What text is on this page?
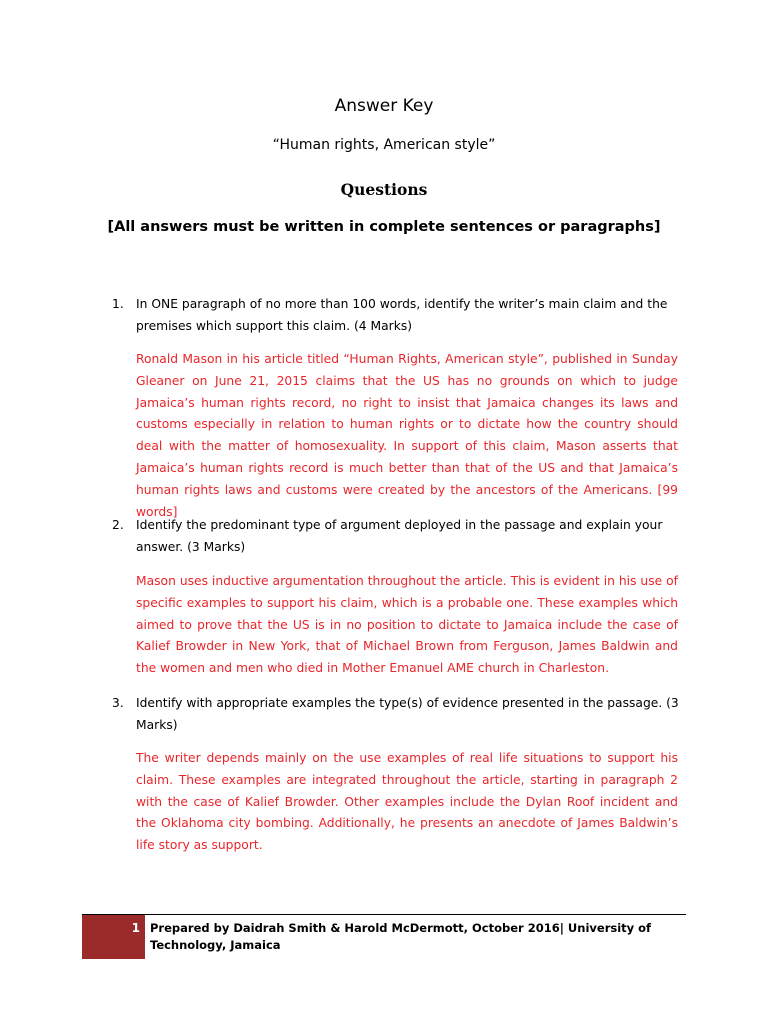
Answer Key
“Human rights, American style”
Questions
[All answers must be written in complete sentences or paragraphs]
1. In ONE paragraph of no more than 100 words, identify the writer’s main claim and the premises which support this claim. (4 Marks)
Ronald Mason in his article titled “Human Rights, American style”, published in Sunday Gleaner on June 21, 2015 claims that the US has no grounds on which to judge Jamaica’s human rights record, no right to insist that Jamaica changes its laws and customs especially in relation to human rights or to dictate how the country should deal with the matter of homosexuality. In support of this claim, Mason asserts that Jamaica’s human rights record is much better than that of the US and that Jamaica’s human rights laws and customs were created by the ancestors of the Americans. [99 words]
2. Identify the predominant type of argument deployed in the passage and explain your answer. (3 Marks)
Mason uses inductive argumentation throughout the article. This is evident in his use of specific examples to support his claim, which is a probable one. These examples which aimed to prove that the US is in no position to dictate to Jamaica include the case of Kalief Browder in New York, that of Michael Brown from Ferguson, James Baldwin and the women and men who died in Mother Emanuel AME church in Charleston.
3. Identify with appropriate examples the type(s) of evidence presented in the passage. (3 Marks)
The writer depends mainly on the use examples of real life situations to support his claim. These examples are integrated throughout the article, starting in paragraph 2 with the case of Kalief Browder. Other examples include the Dylan Roof incident and the Oklahoma city bombing. Additionally, he presents an anecdote of James Baldwin’s life story as support.
1 Prepared by Daidrah Smith & Harold McDermott, October 2016| University of Technology, Jamaica
